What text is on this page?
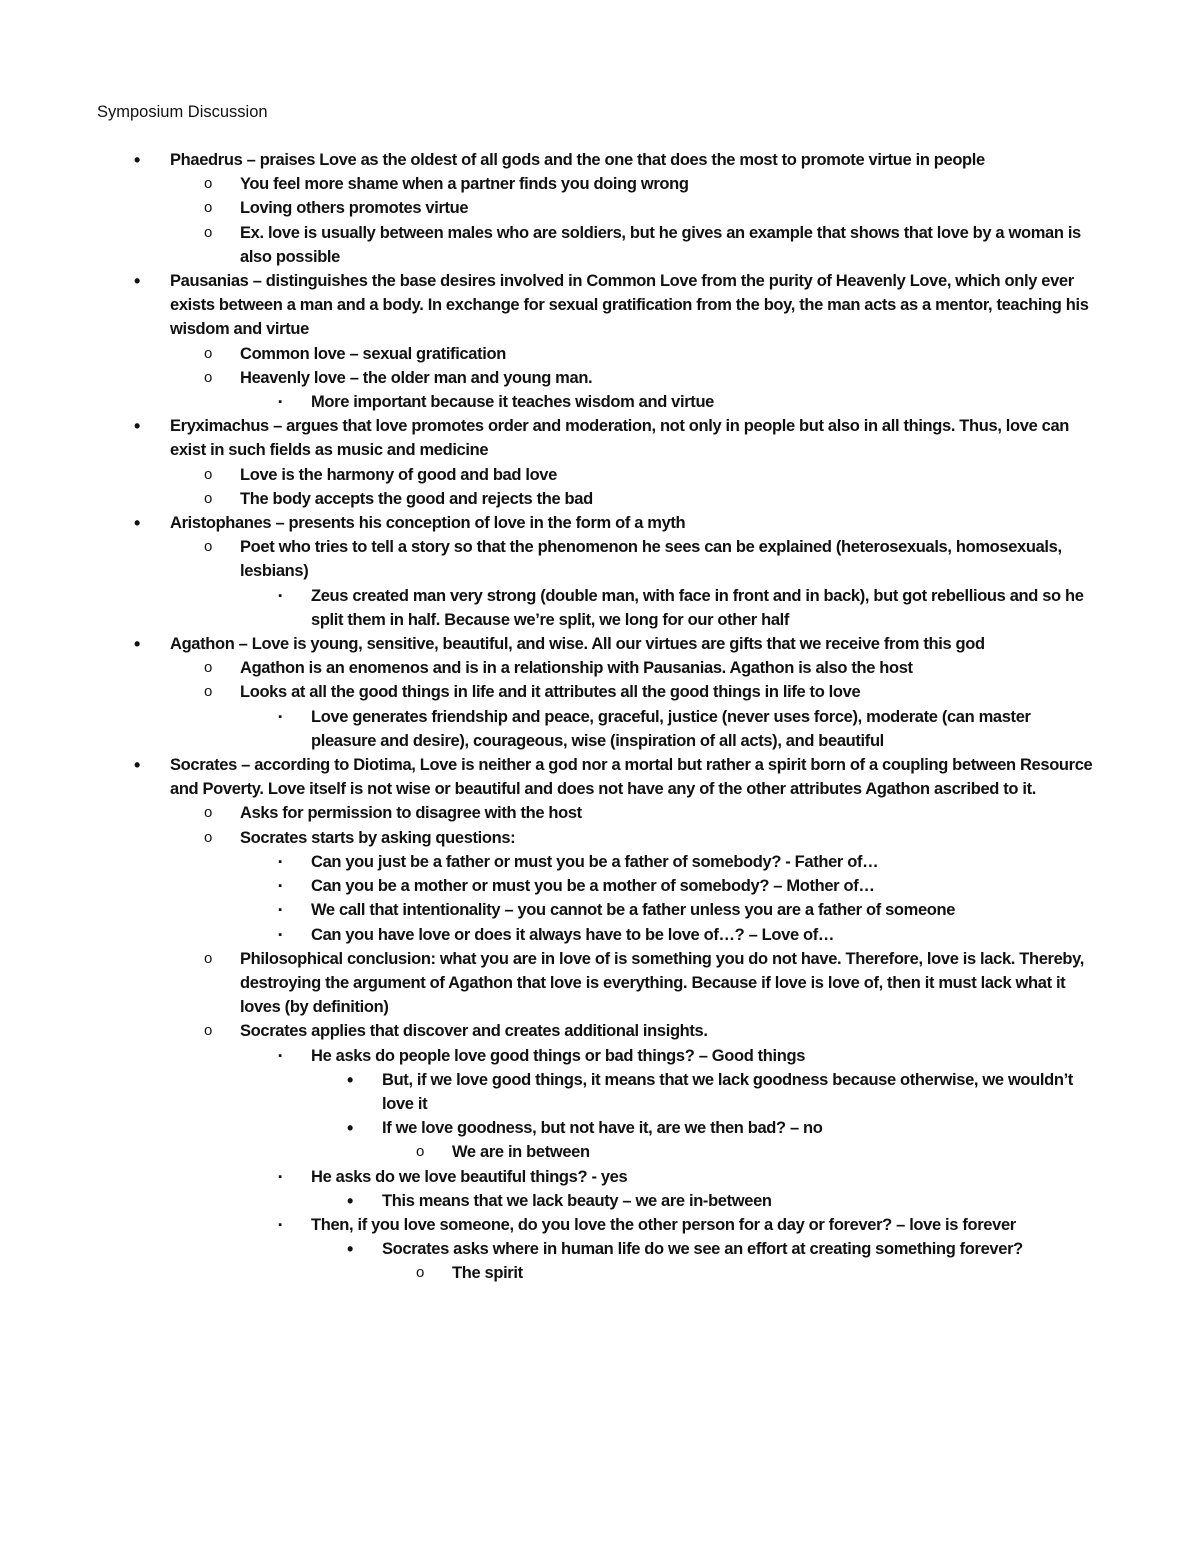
Symposium Discussion
•	Phaedrus – praises Love as the oldest of all gods and the one that does the most to promote virtue in people
o	You feel more shame when a partner finds you doing wrong
o	Loving others promotes virtue
o	Ex. love is usually between males who are soldiers, but he gives an example that shows that love by a woman is also possible
•	Pausanias – distinguishes the base desires involved in Common Love from the purity of Heavenly Love, which only ever exists between a man and a body. In exchange for sexual gratification from the boy, the man acts as a mentor, teaching his wisdom and virtue
o	Common love – sexual gratification
o	Heavenly love – the older man and young man.
▪	More important because it teaches wisdom and virtue
•	Eryximachus – argues that love promotes order and moderation, not only in people but also in all things. Thus, love can exist in such fields as music and medicine
o	Love is the harmony of good and bad love
o	The body accepts the good and rejects the bad
•	Aristophanes – presents his conception of love in the form of a myth
o	Poet who tries to tell a story so that the phenomenon he sees can be explained (heterosexuals, homosexuals, lesbians)
▪	Zeus created man very strong (double man, with face in front and in back), but got rebellious and so he split them in half. Because we’re split, we long for our other half
•	Agathon – Love is young, sensitive, beautiful, and wise. All our virtues are gifts that we receive from this god
o	Agathon is an enomenos and is in a relationship with Pausanias. Agathon is also the host
o	Looks at all the good things in life and it attributes all the good things in life to love
▪	Love generates friendship and peace, graceful, justice (never uses force), moderate (can master pleasure and desire), courageous, wise (inspiration of all acts), and beautiful
•	Socrates – according to Diotima, Love is neither a god nor a mortal but rather a spirit born of a coupling between Resource and Poverty. Love itself is not wise or beautiful and does not have any of the other attributes Agathon ascribed to it.
o	Asks for permission to disagree with the host
o	Socrates starts by asking questions:
▪	Can you just be a father or must you be a father of somebody? - Father of…
▪	Can you be a mother or must you be a mother of somebody? – Mother of…
▪	We call that intentionality – you cannot be a father unless you are a father of someone
▪	Can you have love or does it always have to be love of…? – Love of…
o	Philosophical conclusion: what you are in love of is something you do not have. Therefore, love is lack. Thereby, destroying the argument of Agathon that love is everything. Because if love is love of, then it must lack what it loves (by definition)
o	Socrates applies that discover and creates additional insights.
▪	He asks do people love good things or bad things? – Good things
•	But, if we love good things, it means that we lack goodness because otherwise, we wouldn’t love it
•	If we love goodness, but not have it, are we then bad? – no
o	We are in between
▪	He asks do we love beautiful things? - yes
•	This means that we lack beauty – we are in-between
▪	Then, if you love someone, do you love the other person for a day or forever? – love is forever
•	Socrates asks where in human life do we see an effort at creating something forever?
o	The spirit
